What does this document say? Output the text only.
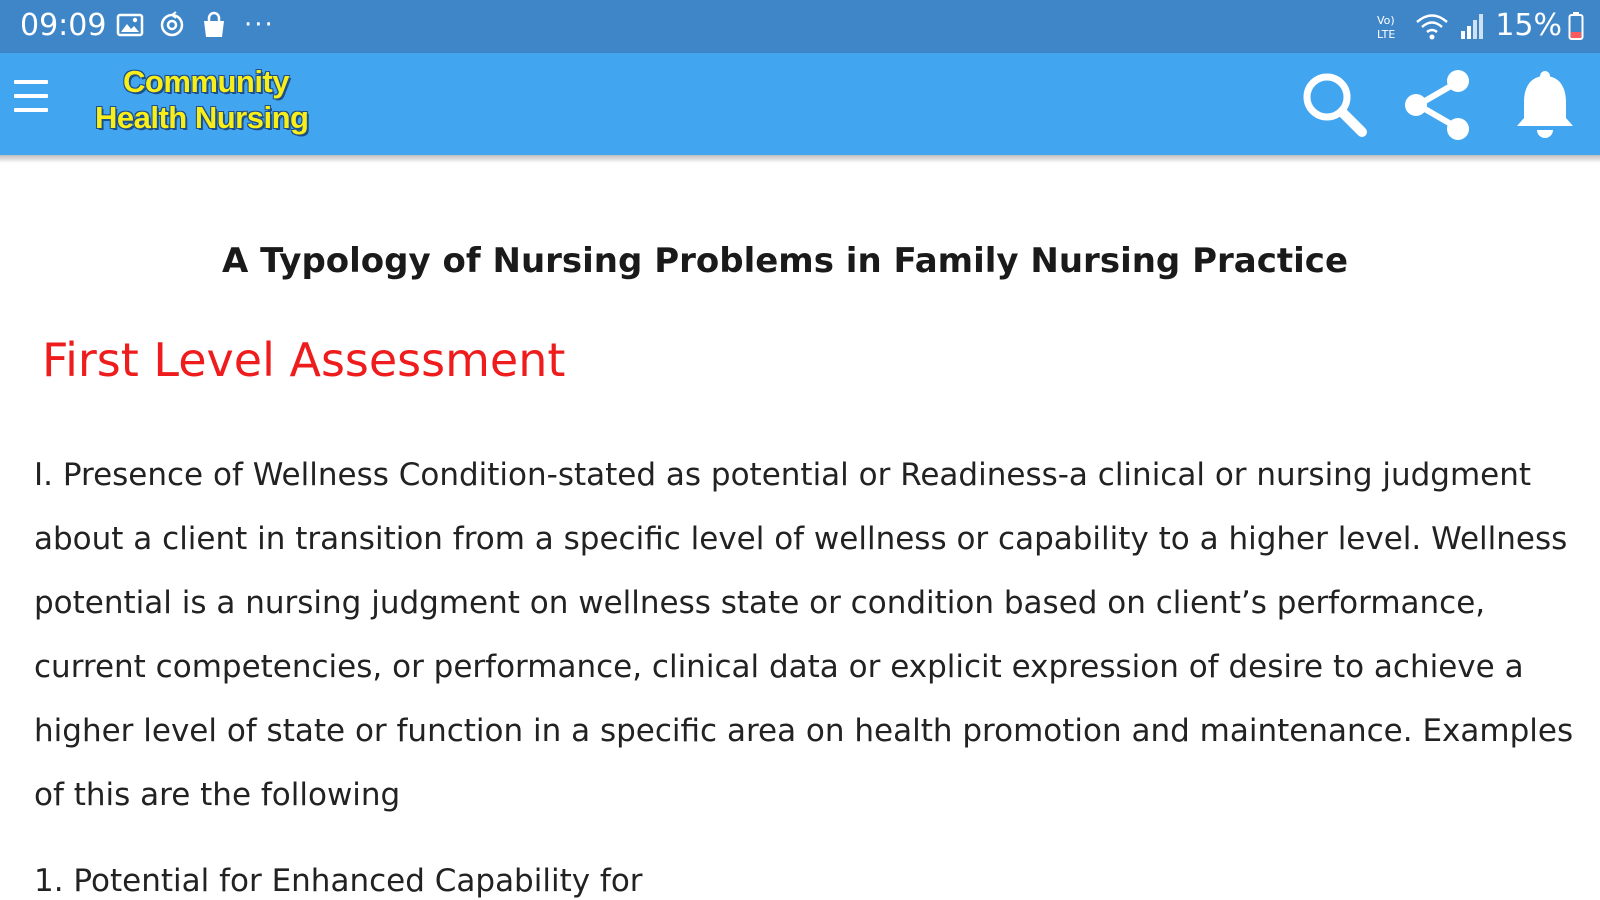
09:09	···	Vo)
LTE	15%
Community
Health Nursing
A Typology of Nursing Problems in Family Nursing Practice
First Level Assessment

I. Presence of Wellness Condition-stated as potential or Readiness-a clinical or nursing judgment about a client in transition from a specific level of wellness or capability to a higher level. Wellness potential is a nursing judgment on wellness state or condition based on client’s performance, current competencies, or performance, clinical data or explicit expression of desire to achieve a higher level of state or function in a specific area on health promotion and maintenance. Examples of this are the following

1. Potential for Enhanced Capability for
